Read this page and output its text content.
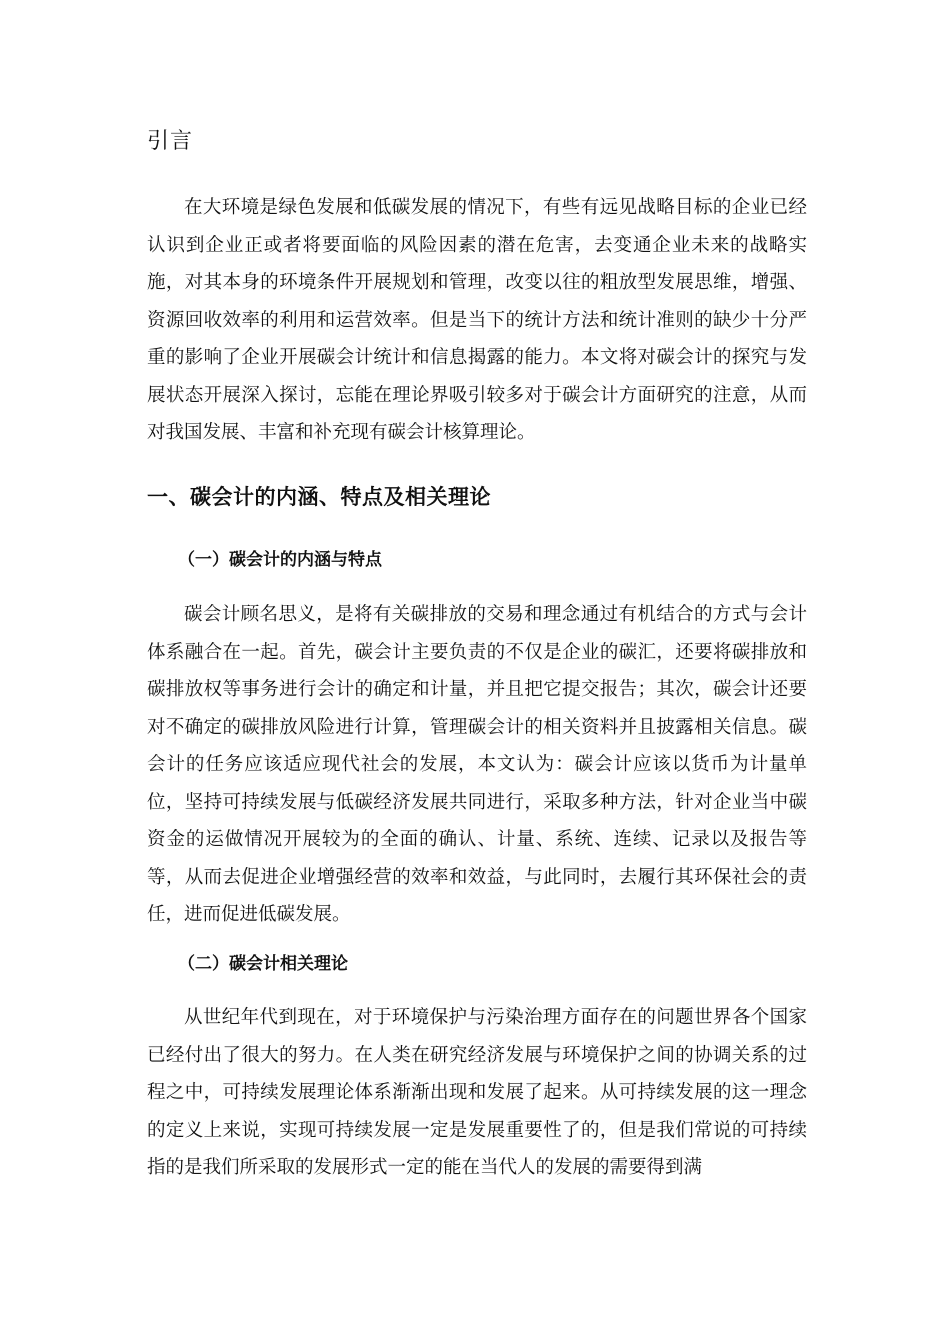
引言

在大环境是绿色发展和低碳发展的情况下，有些有远见战略目标的企业已经认识到企业正或者将要面临的风险因素的潜在危害，去变通企业未来的战略实施，对其本身的环境条件开展规划和管理，改变以往的粗放型发展思维，增强、资源回收效率的利用和运营效率。但是当下的统计方法和统计准则的缺少十分严重的影响了企业开展碳会计统计和信息揭露的能力。本文将对碳会计的探究与发展状态开展深入探讨，忘能在理论界吸引较多对于碳会计方面研究的注意，从而对我国发展、丰富和补充现有碳会计核算理论。

一、碳会计的内涵、特点及相关理论
（一）碳会计的内涵与特点

碳会计顾名思义，是将有关碳排放的交易和理念通过有机结合的方式与会计体系融合在一起。首先，碳会计主要负责的不仅是企业的碳汇，还要将碳排放和碳排放权等事务进行会计的确定和计量，并且把它提交报告；其次，碳会计还要对不确定的碳排放风险进行计算，管理碳会计的相关资料并且披露相关信息。碳会计的任务应该适应现代社会的发展，本文认为：碳会计应该以货币为计量单位，坚持可持续发展与低碳经济发展共同进行，采取多种方法，针对企业当中碳资金的运做情况开展较为的全面的确认、计量、系统、连续、记录以及报告等等，从而去促进企业增强经营的效率和效益，与此同时，去履行其环保社会的责任，进而促进低碳发展。

（二）碳会计相关理论

从世纪年代到现在，对于环境保护与污染治理方面存在的问题世界各个国家已经付出了很大的努力。在人类在研究经济发展与环境保护之间的协调关系的过程之中，可持续发展理论体系渐渐出现和发展了起来。从可持续发展的这一理念的定义上来说，实现可持续发展一定是发展重要性了的，但是我们常说的可持续指的是我们所采取的发展形式一定的能在当代人的发展的需要得到满
